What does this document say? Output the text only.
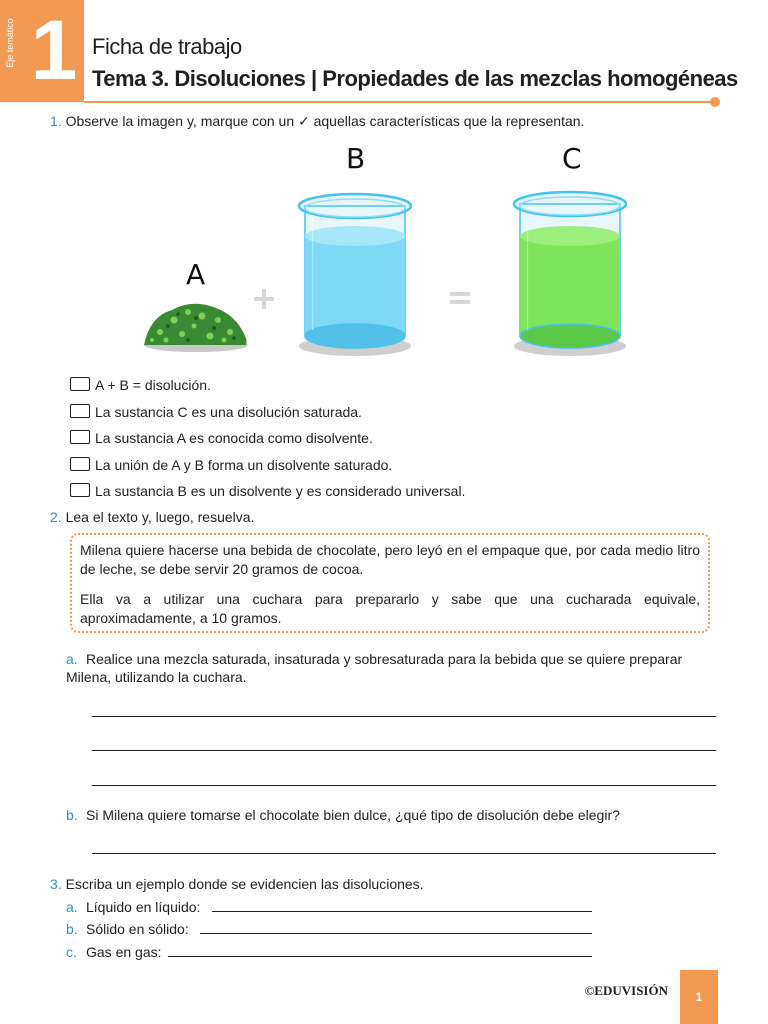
Eje temático 1 Ficha de trabajo
Tema 3. Disoluciones | Propiedades de las mezclas homogéneas
1. Observe la imagen y, marque con un ✓ aquellas características que la representan.
A
B	C
A + B = disolución.
La sustancia C es una disolución saturada.
La sustancia A es conocida como disolvente.
La unión de A y B forma un disolvente saturado.
La sustancia B es un disolvente y es considerado universal.
2. Lea el texto y, luego, resuelva.
Milena quiere hacerse una bebida de chocolate, pero leyó en el empaque que, por cada medio litro de leche, se debe servir 20 gramos de cocoa.
Ella va a utilizar una cuchara para prepararlo y sabe que una cucharada equivale, aproximadamente, a 10 gramos.
a. Realice una mezcla saturada, insaturada y sobresaturada para la bebida que se quiere preparar Milena, utilizando la cuchara.
b. Si Milena quiere tomarse el chocolate bien dulce, ¿qué tipo de disolución debe elegir?
3. Escriba un ejemplo donde se evidencien las disoluciones.
a. Líquido en líquido:
b. Sólido en sólido:
c. Gas en gas:
©EDUVISIÓN	1
